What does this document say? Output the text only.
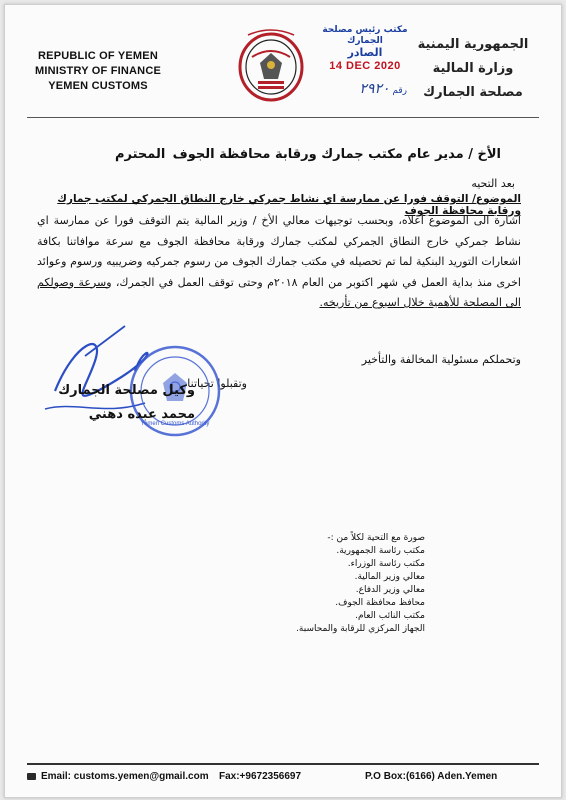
REPUBLIC OF YEMEN
MINISTRY OF FINANCE
YEMEN CUSTOMS
مكتب رئيس مصلحة الجمارك
الصادر
14 DEC 2020
رقم ٢٩٢٠
الجمهورية اليمنية
وزارة المالية
مصلحة الجمارك
الأخ / مدير عام مكتب جمارك ورقابة محافظة الجوف
المحترم
بعد التحيه
الموضوع/ التوقف فورا عن ممارسة اي نشاط جمركي خارج النطاق الجمركي لمكتب جمارك ورقابة محافظة الجوف
اشارة الى الموضوع أعلاه، وبحسب توجيهات معالي الأخ / وزير المالية يتم التوقف فورا عن ممارسة اي نشاط جمركي خارج النطاق الجمركي لمكتب جمارك ورقابة محافظة الجوف مع سرعة موافاتنا بكافة اشعارات التوريد البنكية لما تم تحصيله في مكتب جمارك الجوف من رسوم جمركيه وضريبيه ورسوم وعوائد اخرى منذ بداية العمل في شهر اكتوبر من العام ٢٠١٨م وحتى توقف العمل في الجمرك، وسرعة وصولكم الى المصلحة للأهمية خلال اسبوع من تأريخه.
وتحملكم مسئولية المخالفة والتأخير
وتقبلوا تحياتنا
Yemen Customs Authority
وكيل مصلحة الجمارك
محمد عبده دهني
صورة مع التحية لكلاً من :-
مكتب رئاسة الجمهورية.
مكتب رئاسة الوزراء.
معالي وزير المالية.
معالي وزير الدفاع.
محافظ محافظة الجوف.
مكتب النائب العام.
الجهاز المركزي للرقابة والمحاسبة.
Email: customs.yemen@gmail.com Fax:+9672356697	P.O Box:(6166) Aden.Yemen
